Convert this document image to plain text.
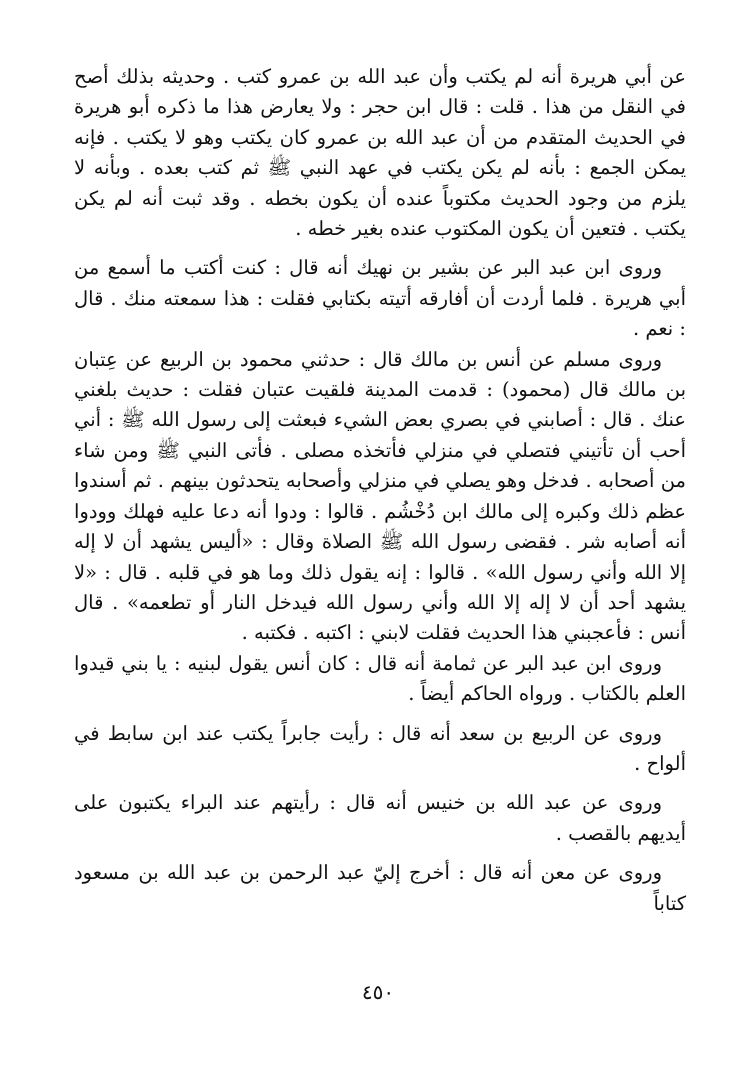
عن أبي هريرة أنه لم يكتب وأن عبد الله بن عمرو كتب . وحديثه بذلك أصح في النقل من هذا . قلت : قال ابن حجر : ولا يعارض هذا ما ذكره أبو هريرة في الحديث المتقدم من أن عبد الله بن عمرو كان يكتب وهو لا يكتب . فإنه يمكن الجمع : بأنه لم يكن يكتب في عهد النبي ﷺ ثم كتب بعده . وبأنه لا يلزم من وجود الحديث مكتوباً عنده أن يكون بخطه . وقد ثبت أنه لم يكن يكتب . فتعين أن يكون المكتوب عنده بغير خطه .

وروى ابن عبد البر عن بشير بن نهيك أنه قال : كنت أكتب ما أسمع من أبي هريرة . فلما أردت أن أفارقه أتيته بكتابي فقلت : هذا سمعته منك . قال : نعم .

وروى مسلم عن أنس بن مالك قال : حدثني محمود بن الربيع عن عِتبان بن مالك قال (محمود) : قدمت المدينة فلقيت عتبان فقلت : حديث بلغني عنك . قال : أصابني في بصري بعض الشيء فبعثت إلى رسول الله ﷺ : أني أحب أن تأتيني فتصلي في منزلي فأتخذه مصلى . فأتى النبي ﷺ ومن شاء من أصحابه . فدخل وهو يصلي في منزلي وأصحابه يتحدثون بينهم . ثم أسندوا عظم ذلك وكبره إلى مالك ابن دُخْشُم . قالوا : ودوا أنه دعا عليه فهلك وودوا أنه أصابه شر . فقضى رسول الله ﷺ الصلاة وقال : «أليس يشهد أن لا إله إلا الله وأني رسول الله» . قالوا : إنه يقول ذلك وما هو في قلبه . قال : «لا يشهد أحد أن لا إله إلا الله وأني رسول الله فيدخل النار أو تطعمه» . قال أنس : فأعجبني هذا الحديث فقلت لابني : اكتبه . فكتبه .

وروى ابن عبد البر عن ثمامة أنه قال : كان أنس يقول لبنيه : يا بني قيدوا العلم بالكتاب . ورواه الحاكم أيضاً .

وروى عن الربيع بن سعد أنه قال : رأيت جابراً يكتب عند ابن سابط في ألواح .

وروى عن عبد الله بن خنيس أنه قال : رأيتهم عند البراء يكتبون على أيديهم بالقصب .

وروى عن معن أنه قال : أخرج إليّ عبد الرحمن بن عبد الله بن مسعود كتاباً

٤٥٠
